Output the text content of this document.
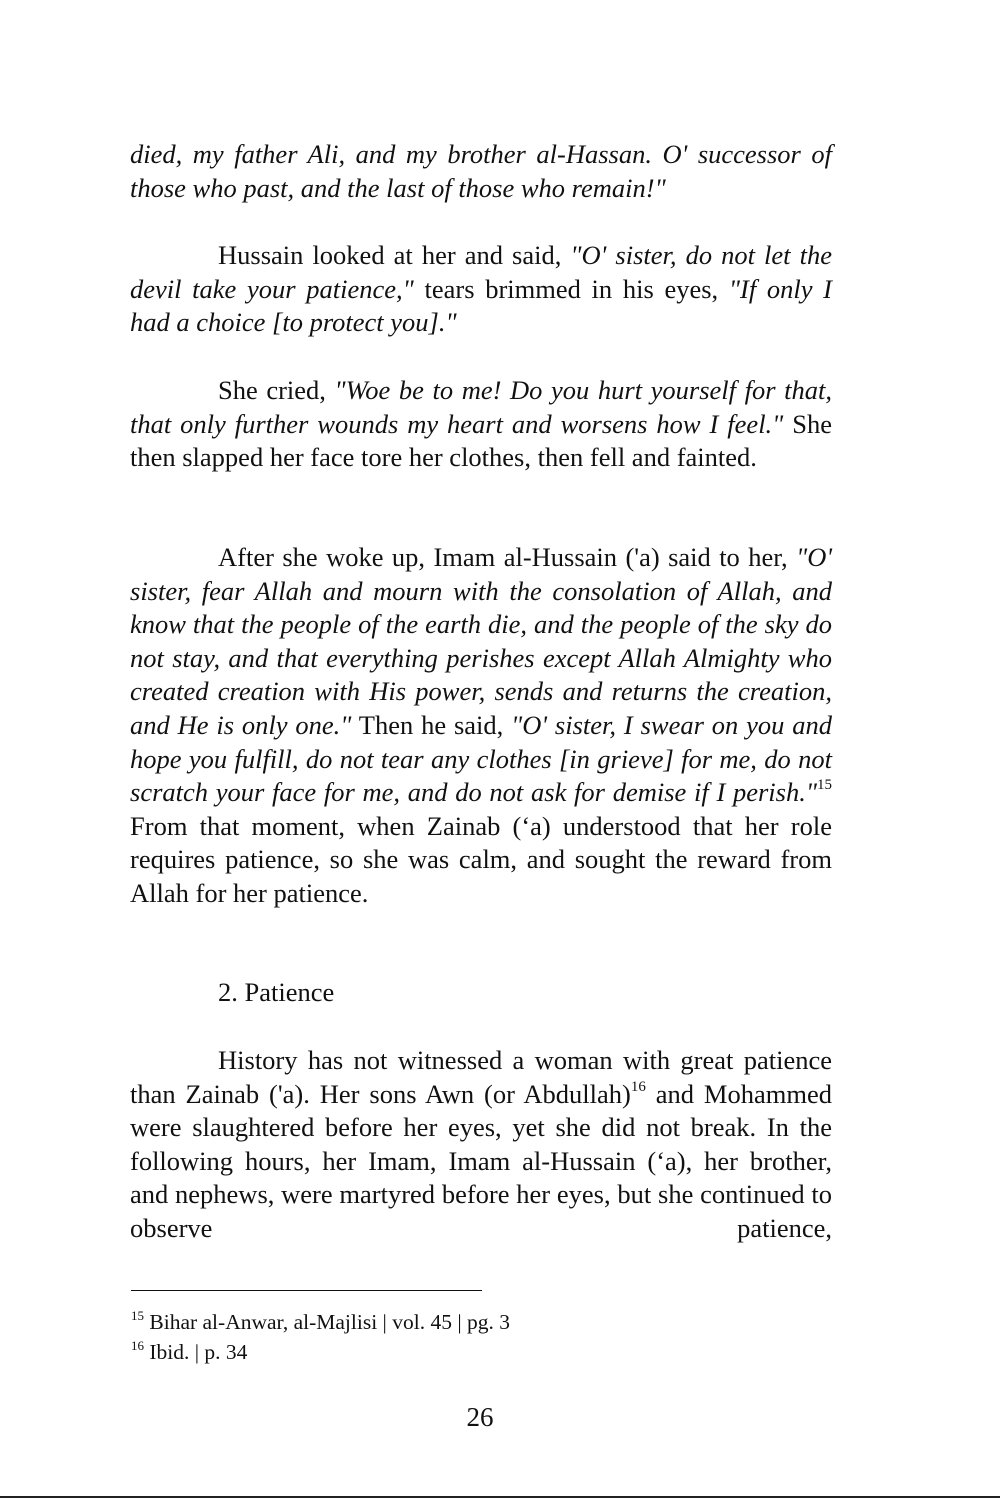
died, my father Ali, and my brother al-Hassan. O' successor of those who past, and the last of those who remain!"

Hussain looked at her and said, "O' sister, do not let the devil take your patience," tears brimmed in his eyes, "If only I had a choice [to protect you]."

She cried, "Woe be to me! Do you hurt yourself for that, that only further wounds my heart and worsens how I feel." She then slapped her face tore her clothes, then fell and fainted.

After she woke up, Imam al-Hussain ('a) said to her, "O' sister, fear Allah and mourn with the consolation of Allah, and know that the people of the earth die, and the people of the sky do not stay, and that everything perishes except Allah Almighty who created creation with His power, sends and returns the creation, and He is only one." Then he said, "O' sister, I swear on you and hope you fulfill, do not tear any clothes [in grieve] for me, do not scratch your face for me, and do not ask for demise if I perish."$^{15}$ From that moment, when Zainab (‘a) understood that her role requires patience, so she was calm, and sought the reward from Allah for her patience.

2. Patience

History has not witnessed a woman with great patience than Zainab ('a). Her sons Awn (or Abdullah)$^{16}$ and Mohammed were slaughtered before her eyes, yet she did not break. In the following hours, her Imam, Imam al-Hussain (‘a), her brother, and nephews, were martyred before her eyes, but she continued to observe patience,

$^{15}$ Bihar al-Anwar, al-Majlisi | vol. 45 | pg. 3
$^{16}$ Ibid. | p. 34
26
